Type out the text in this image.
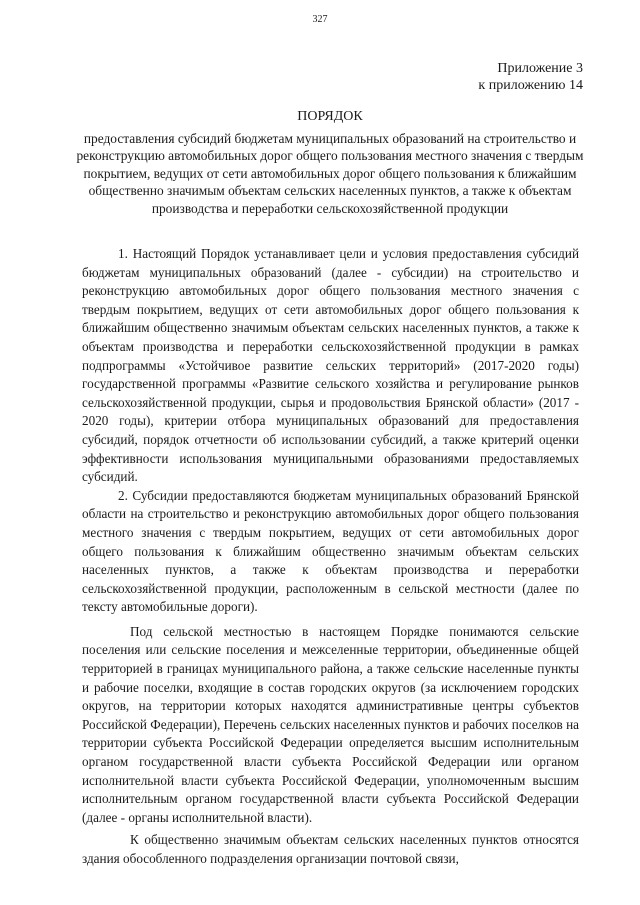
327
Приложение 3
к приложению 14
ПОРЯДОК
предоставления субсидий бюджетам муниципальных образований на строительство и реконструкцию автомобильных дорог общего пользования местного значения с твердым покрытием, ведущих от сети автомобильных дорог общего пользования к ближайшим общественно значимым объектам сельских населенных пунктов, а также к объектам производства и переработки сельскохозяйственной продукции

1. Настоящий Порядок устанавливает цели и условия предоставления субсидий бюджетам муниципальных образований (далее - субсидии) на строительство и реконструкцию автомобильных дорог общего пользования местного значения с твердым покрытием, ведущих от сети автомобильных дорог общего пользования к ближайшим общественно значимым объектам сельских населенных пунктов, а также к объектам производства и переработки сельскохозяйственной продукции в рамках подпрограммы «Устойчивое развитие сельских территорий» (2017-2020 годы) государственной программы «Развитие сельского хозяйства и регулирование рынков сельскохозяйственной продукции, сырья и продовольствия Брянской области» (2017 - 2020 годы), критерии отбора муниципальных образований для предоставления субсидий, порядок отчетности об использовании субсидий, а также критерий оценки эффективности использования муниципальными образованиями предоставляемых субсидий.

2. Субсидии предоставляются бюджетам муниципальных образований Брянской области на строительство и реконструкцию автомобильных дорог общего пользования местного значения с твердым покрытием, ведущих от сети автомобильных дорог общего пользования к ближайшим общественно значимым объектам сельских населенных пунктов, а также к объектам производства и переработки сельскохозяйственной продукции, расположенным в сельской местности (далее по тексту автомобильные дороги).

Под сельской местностью в настоящем Порядке понимаются сельские поселения или сельские поселения и межселенные территории, объединенные общей территорией в границах муниципального района, а также сельские населенные пункты и рабочие поселки, входящие в состав городских округов (за исключением городских округов, на территории которых находятся административные центры субъектов Российской Федерации), Перечень сельских населенных пунктов и рабочих поселков на территории субъекта Российской Федерации определяется высшим исполнительным органом государственной власти субъекта Российской Федерации или органом исполнительной власти субъекта Российской Федерации, уполномоченным высшим исполнительным органом государственной власти субъекта Российской Федерации (далее - органы исполнительной власти).

К общественно значимым объектам сельских населенных пунктов относятся здания обособленного подразделения организации почтовой связи,
